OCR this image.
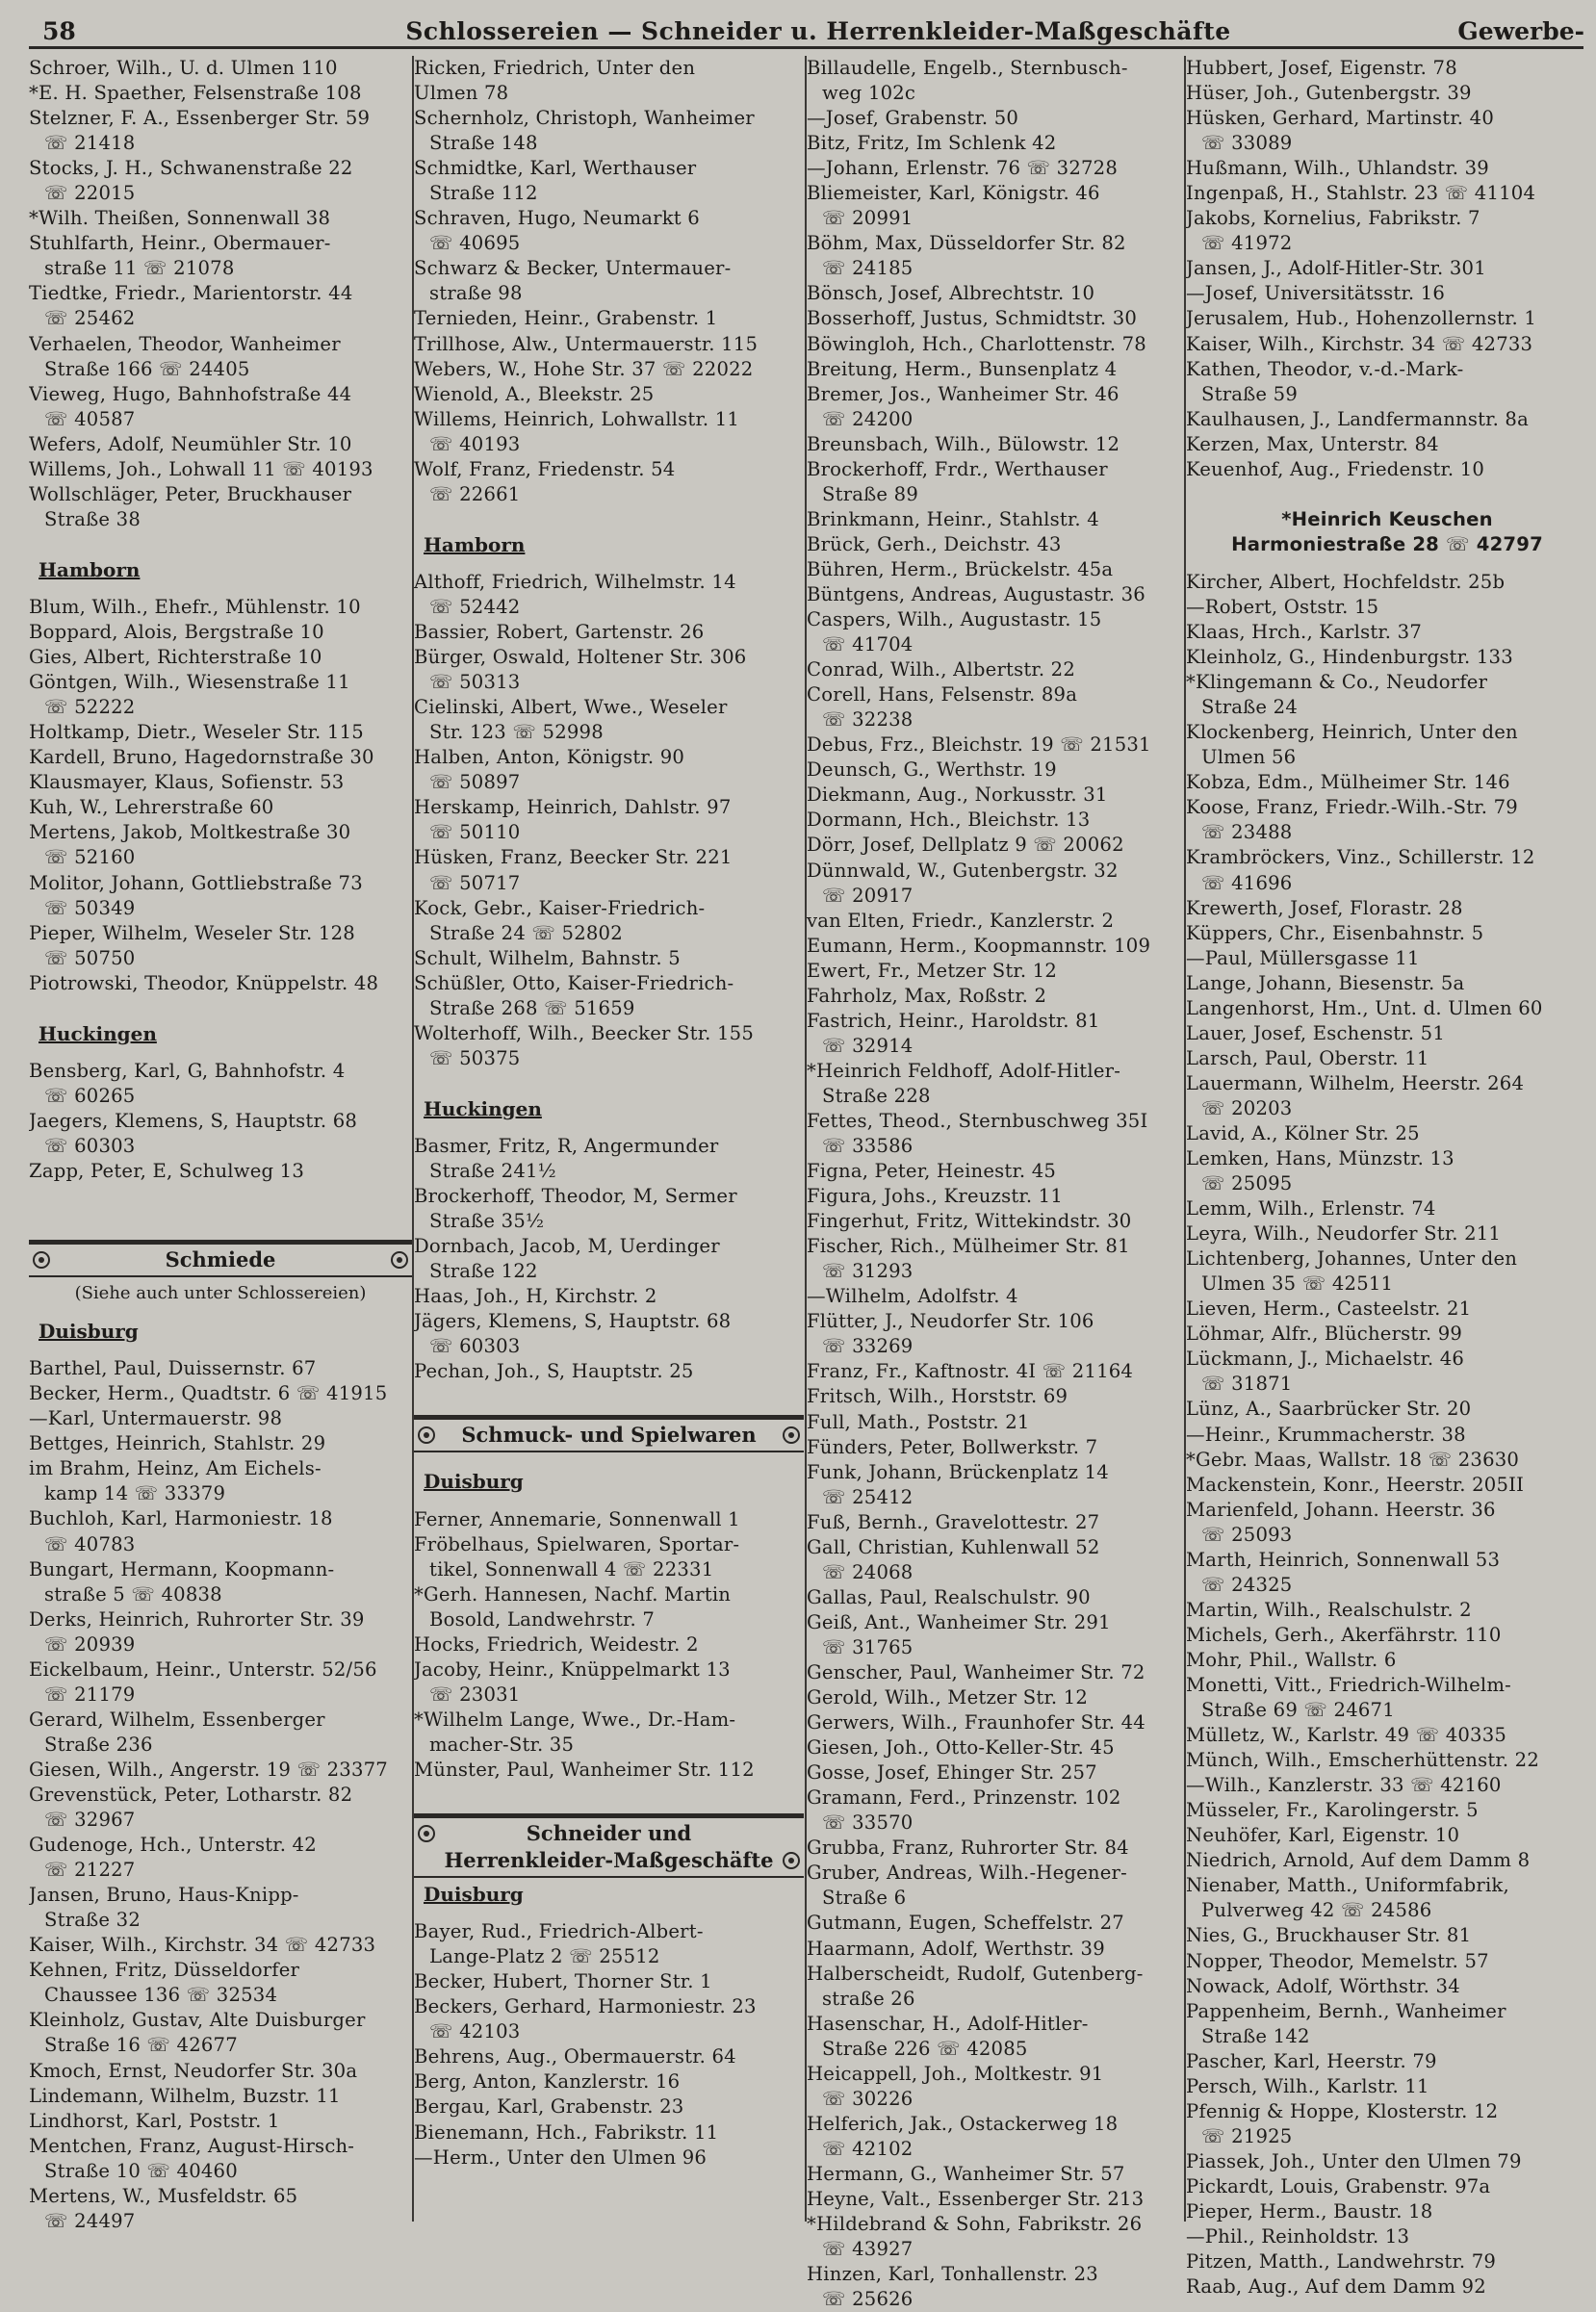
58	Schlossereien — Schneider u. Herrenkleider-Maßgeschäfte	Gewerbe-
Schroer, Wilh., U. d. Ulmen 110
*E. H. Spaether, Felsenstraße 108
Stelzner, F. A., Essenberger Str. 59
☏ 21418
Stocks, J. H., Schwanenstraße 22
☏ 22015
*Wilh. Theißen, Sonnenwall 38
Stuhlfarth, Heinr., Obermauer-
straße 11 ☏ 21078
Tiedtke, Friedr., Marientorstr. 44
☏ 25462
Verhaelen, Theodor, Wanheimer
Straße 166 ☏ 24405
Vieweg, Hugo, Bahnhofstraße 44
☏ 40587
Wefers, Adolf, Neumühler Str. 10
Willems, Joh., Lohwall 11 ☏ 40193
Wollschläger, Peter, Bruckhauser
Straße 38
Hamborn
Blum, Wilh., Ehefr., Mühlenstr. 10
Boppard, Alois, Bergstraße 10
Gies, Albert, Richterstraße 10
Göntgen, Wilh., Wiesenstraße 11
☏ 52222
Holtkamp, Dietr., Weseler Str. 115
Kardell, Bruno, Hagedornstraße 30
Klausmayer, Klaus, Sofienstr. 53
Kuh, W., Lehrerstraße 60
Mertens, Jakob, Moltkestraße 30
☏ 52160
Molitor, Johann, Gottliebstraße 73
☏ 50349
Pieper, Wilhelm, Weseler Str. 128
☏ 50750
Piotrowski, Theodor, Knüppelstr. 48
Huckingen
Bensberg, Karl, G, Bahnhofstr. 4
☏ 60265
Jaegers, Klemens, S, Hauptstr. 68
☏ 60303
Zapp, Peter, E, Schulweg 13
Schmiede
(Siehe auch unter Schlossereien)
Duisburg
Barthel, Paul, Duissernstr. 67
Becker, Herm., Quadtstr. 6 ☏ 41915
—Karl, Untermauerstr. 98
Bettges, Heinrich, Stahlstr. 29
im Brahm, Heinz, Am Eichels-
kamp 14 ☏ 33379
Buchloh, Karl, Harmoniestr. 18
☏ 40783
Bungart, Hermann, Koopmann-
straße 5 ☏ 40838
Derks, Heinrich, Ruhrorter Str. 39
☏ 20939
Eickelbaum, Heinr., Unterstr. 52/56
☏ 21179
Gerard, Wilhelm, Essenberger
Straße 236
Giesen, Wilh., Angerstr. 19 ☏ 23377
Grevenstück, Peter, Lotharstr. 82
☏ 32967
Gudenoge, Hch., Unterstr. 42
☏ 21227
Jansen, Bruno, Haus-Knipp-
Straße 32
Kaiser, Wilh., Kirchstr. 34 ☏ 42733
Kehnen, Fritz, Düsseldorfer
Chaussee 136 ☏ 32534
Kleinholz, Gustav, Alte Duisburger
Straße 16 ☏ 42677
Kmoch, Ernst, Neudorfer Str. 30a
Lindemann, Wilhelm, Buzstr. 11
Lindhorst, Karl, Poststr. 1
Mentchen, Franz, August-Hirsch-
Straße 10 ☏ 40460
Mertens, W., Musfeldstr. 65
☏ 24497
Ricken, Friedrich, Unter den
Ulmen 78
Schernholz, Christoph, Wanheimer
Straße 148
Schmidtke, Karl, Werthauser
Straße 112
Schraven, Hugo, Neumarkt 6
☏ 40695
Schwarz & Becker, Untermauer-
straße 98
Ternieden, Heinr., Grabenstr. 1
Trillhose, Alw., Untermauerstr. 115
Webers, W., Hohe Str. 37 ☏ 22022
Wienold, A., Bleekstr. 25
Willems, Heinrich, Lohwallstr. 11
☏ 40193
Wolf, Franz, Friedenstr. 54
☏ 22661
Hamborn
Althoff, Friedrich, Wilhelmstr. 14
☏ 52442
Bassier, Robert, Gartenstr. 26
Bürger, Oswald, Holtener Str. 306
☏ 50313
Cielinski, Albert, Wwe., Weseler
Str. 123 ☏ 52998
Halben, Anton, Königstr. 90
☏ 50897
Herskamp, Heinrich, Dahlstr. 97
☏ 50110
Hüsken, Franz, Beecker Str. 221
☏ 50717
Kock, Gebr., Kaiser-Friedrich-
Straße 24 ☏ 52802
Schult, Wilhelm, Bahnstr. 5
Schüßler, Otto, Kaiser-Friedrich-
Straße 268 ☏ 51659
Wolterhoff, Wilh., Beecker Str. 155
☏ 50375
Huckingen
Basmer, Fritz, R, Angermunder
Straße 241½
Brockerhoff, Theodor, M, Sermer
Straße 35½
Dornbach, Jacob, M, Uerdinger
Straße 122
Haas, Joh., H, Kirchstr. 2
Jägers, Klemens, S, Hauptstr. 68
☏ 60303
Pechan, Joh., S, Hauptstr. 25
Schmuck- und Spielwaren
Duisburg
Ferner, Annemarie, Sonnenwall 1
Fröbelhaus, Spielwaren, Sportar-
tikel, Sonnenwall 4 ☏ 22331
*Gerh. Hannesen, Nachf. Martin
Bosold, Landwehrstr. 7
Hocks, Friedrich, Weidestr. 2
Jacoby, Heinr., Knüppelmarkt 13
☏ 23031
*Wilhelm Lange, Wwe., Dr.-Ham-
macher-Str. 35
Münster, Paul, Wanheimer Str. 112
Schneider und
Herrenkleider-Maßgeschäfte
Duisburg
Bayer, Rud., Friedrich-Albert-
Lange-Platz 2 ☏ 25512
Becker, Hubert, Thorner Str. 1
Beckers, Gerhard, Harmoniestr. 23
☏ 42103
Behrens, Aug., Obermauerstr. 64
Berg, Anton, Kanzlerstr. 16
Bergau, Karl, Grabenstr. 23
Bienemann, Hch., Fabrikstr. 11
—Herm., Unter den Ulmen 96
Billaudelle, Engelb., Sternbusch-
weg 102c
—Josef, Grabenstr. 50
Bitz, Fritz, Im Schlenk 42
—Johann, Erlenstr. 76 ☏ 32728
Bliemeister, Karl, Königstr. 46
☏ 20991
Böhm, Max, Düsseldorfer Str. 82
☏ 24185
Bönsch, Josef, Albrechtstr. 10
Bosserhoff, Justus, Schmidtstr. 30
Böwingloh, Hch., Charlottenstr. 78
Breitung, Herm., Bunsenplatz 4
Bremer, Jos., Wanheimer Str. 46
☏ 24200
Breunsbach, Wilh., Bülowstr. 12
Brockerhoff, Frdr., Werthauser
Straße 89
Brinkmann, Heinr., Stahlstr. 4
Brück, Gerh., Deichstr. 43
Bühren, Herm., Brückelstr. 45a
Büntgens, Andreas, Augustastr. 36
Caspers, Wilh., Augustastr. 15
☏ 41704
Conrad, Wilh., Albertstr. 22
Corell, Hans, Felsenstr. 89a
☏ 32238
Debus, Frz., Bleichstr. 19 ☏ 21531
Deunsch, G., Werthstr. 19
Diekmann, Aug., Norkusstr. 31
Dormann, Hch., Bleichstr. 13
Dörr, Josef, Dellplatz 9 ☏ 20062
Dünnwald, W., Gutenbergstr. 32
☏ 20917
van Elten, Friedr., Kanzlerstr. 2
Eumann, Herm., Koopmannstr. 109
Ewert, Fr., Metzer Str. 12
Fahrholz, Max, Roßstr. 2
Fastrich, Heinr., Haroldstr. 81
☏ 32914
*Heinrich Feldhoff, Adolf-Hitler-
Straße 228
Fettes, Theod., Sternbuschweg 35I
☏ 33586
Figna, Peter, Heinestr. 45
Figura, Johs., Kreuzstr. 11
Fingerhut, Fritz, Wittekindstr. 30
Fischer, Rich., Mülheimer Str. 81
☏ 31293
—Wilhelm, Adolfstr. 4
Flütter, J., Neudorfer Str. 106
☏ 33269
Franz, Fr., Kaftnostr. 4I ☏ 21164
Fritsch, Wilh., Horststr. 69
Full, Math., Poststr. 21
Fünders, Peter, Bollwerkstr. 7
Funk, Johann, Brückenplatz 14
☏ 25412
Fuß, Bernh., Gravelottestr. 27
Gall, Christian, Kuhlenwall 52
☏ 24068
Gallas, Paul, Realschulstr. 90
Geiß, Ant., Wanheimer Str. 291
☏ 31765
Genscher, Paul, Wanheimer Str. 72
Gerold, Wilh., Metzer Str. 12
Gerwers, Wilh., Fraunhofer Str. 44
Giesen, Joh., Otto-Keller-Str. 45
Gosse, Josef, Ehinger Str. 257
Gramann, Ferd., Prinzenstr. 102
☏ 33570
Grubba, Franz, Ruhrorter Str. 84
Gruber, Andreas, Wilh.-Hegener-
Straße 6
Gutmann, Eugen, Scheffelstr. 27
Haarmann, Adolf, Werthstr. 39
Halberscheidt, Rudolf, Gutenberg-
straße 26
Hasenschar, H., Adolf-Hitler-
Straße 226 ☏ 42085
Heicappell, Joh., Moltkestr. 91
☏ 30226
Helferich, Jak., Ostackerweg 18
☏ 42102
Hermann, G., Wanheimer Str. 57
Heyne, Valt., Essenberger Str. 213
*Hildebrand & Sohn, Fabrikstr. 26
☏ 43927
Hinzen, Karl, Tonhallenstr. 23
☏ 25626
Hubbert, Josef, Eigenstr. 78
Hüser, Joh., Gutenbergstr. 39
Hüsken, Gerhard, Martinstr. 40
☏ 33089
Hußmann, Wilh., Uhlandstr. 39
Ingenpaß, H., Stahlstr. 23 ☏ 41104
Jakobs, Kornelius, Fabrikstr. 7
☏ 41972
Jansen, J., Adolf-Hitler-Str. 301
—Josef, Universitätsstr. 16
Jerusalem, Hub., Hohenzollernstr. 1
Kaiser, Wilh., Kirchstr. 34 ☏ 42733
Kathen, Theodor, v.-d.-Mark-
Straße 59
Kaulhausen, J., Landfermannstr. 8a
Kerzen, Max, Unterstr. 84
Keuenhof, Aug., Friedenstr. 10
*Heinrich Keuschen
Harmoniestraße 28 ☏ 42797
Kircher, Albert, Hochfeldstr. 25b
—Robert, Oststr. 15
Klaas, Hrch., Karlstr. 37
Kleinholz, G., Hindenburgstr. 133
*Klingemann & Co., Neudorfer
Straße 24
Klockenberg, Heinrich, Unter den
Ulmen 56
Kobza, Edm., Mülheimer Str. 146
Koose, Franz, Friedr.-Wilh.-Str. 79
☏ 23488
Krambröckers, Vinz., Schillerstr. 12
☏ 41696
Krewerth, Josef, Florastr. 28
Küppers, Chr., Eisenbahnstr. 5
—Paul, Müllersgasse 11
Lange, Johann, Biesenstr. 5a
Langenhorst, Hm., Unt. d. Ulmen 60
Lauer, Josef, Eschenstr. 51
Larsch, Paul, Oberstr. 11
Lauermann, Wilhelm, Heerstr. 264
☏ 20203
Lavid, A., Kölner Str. 25
Lemken, Hans, Münzstr. 13
☏ 25095
Lemm, Wilh., Erlenstr. 74
Leyra, Wilh., Neudorfer Str. 211
Lichtenberg, Johannes, Unter den
Ulmen 35 ☏ 42511
Lieven, Herm., Casteelstr. 21
Löhmar, Alfr., Blücherstr. 99
Lückmann, J., Michaelstr. 46
☏ 31871
Lünz, A., Saarbrücker Str. 20
—Heinr., Krummacherstr. 38
*Gebr. Maas, Wallstr. 18 ☏ 23630
Mackenstein, Konr., Heerstr. 205II
Marienfeld, Johann. Heerstr. 36
☏ 25093
Marth, Heinrich, Sonnenwall 53
☏ 24325
Martin, Wilh., Realschulstr. 2
Michels, Gerh., Akerfährstr. 110
Mohr, Phil., Wallstr. 6
Monetti, Vitt., Friedrich-Wilhelm-
Straße 69 ☏ 24671
Mülletz, W., Karlstr. 49 ☏ 40335
Münch, Wilh., Emscherhüttenstr. 22
—Wilh., Kanzlerstr. 33 ☏ 42160
Müsseler, Fr., Karolingerstr. 5
Neuhöfer, Karl, Eigenstr. 10
Niedrich, Arnold, Auf dem Damm 8
Nienaber, Matth., Uniformfabrik,
Pulverweg 42 ☏ 24586
Nies, G., Bruckhauser Str. 81
Nopper, Theodor, Memelstr. 57
Nowack, Adolf, Wörthstr. 34
Pappenheim, Bernh., Wanheimer
Straße 142
Pascher, Karl, Heerstr. 79
Persch, Wilh., Karlstr. 11
Pfennig & Hoppe, Klosterstr. 12
☏ 21925
Piassek, Joh., Unter den Ulmen 79
Pickardt, Louis, Grabenstr. 97a
Pieper, Herm., Baustr. 18
—Phil., Reinholdstr. 13
Pitzen, Matth., Landwehrstr. 79
Raab, Aug., Auf dem Damm 92
